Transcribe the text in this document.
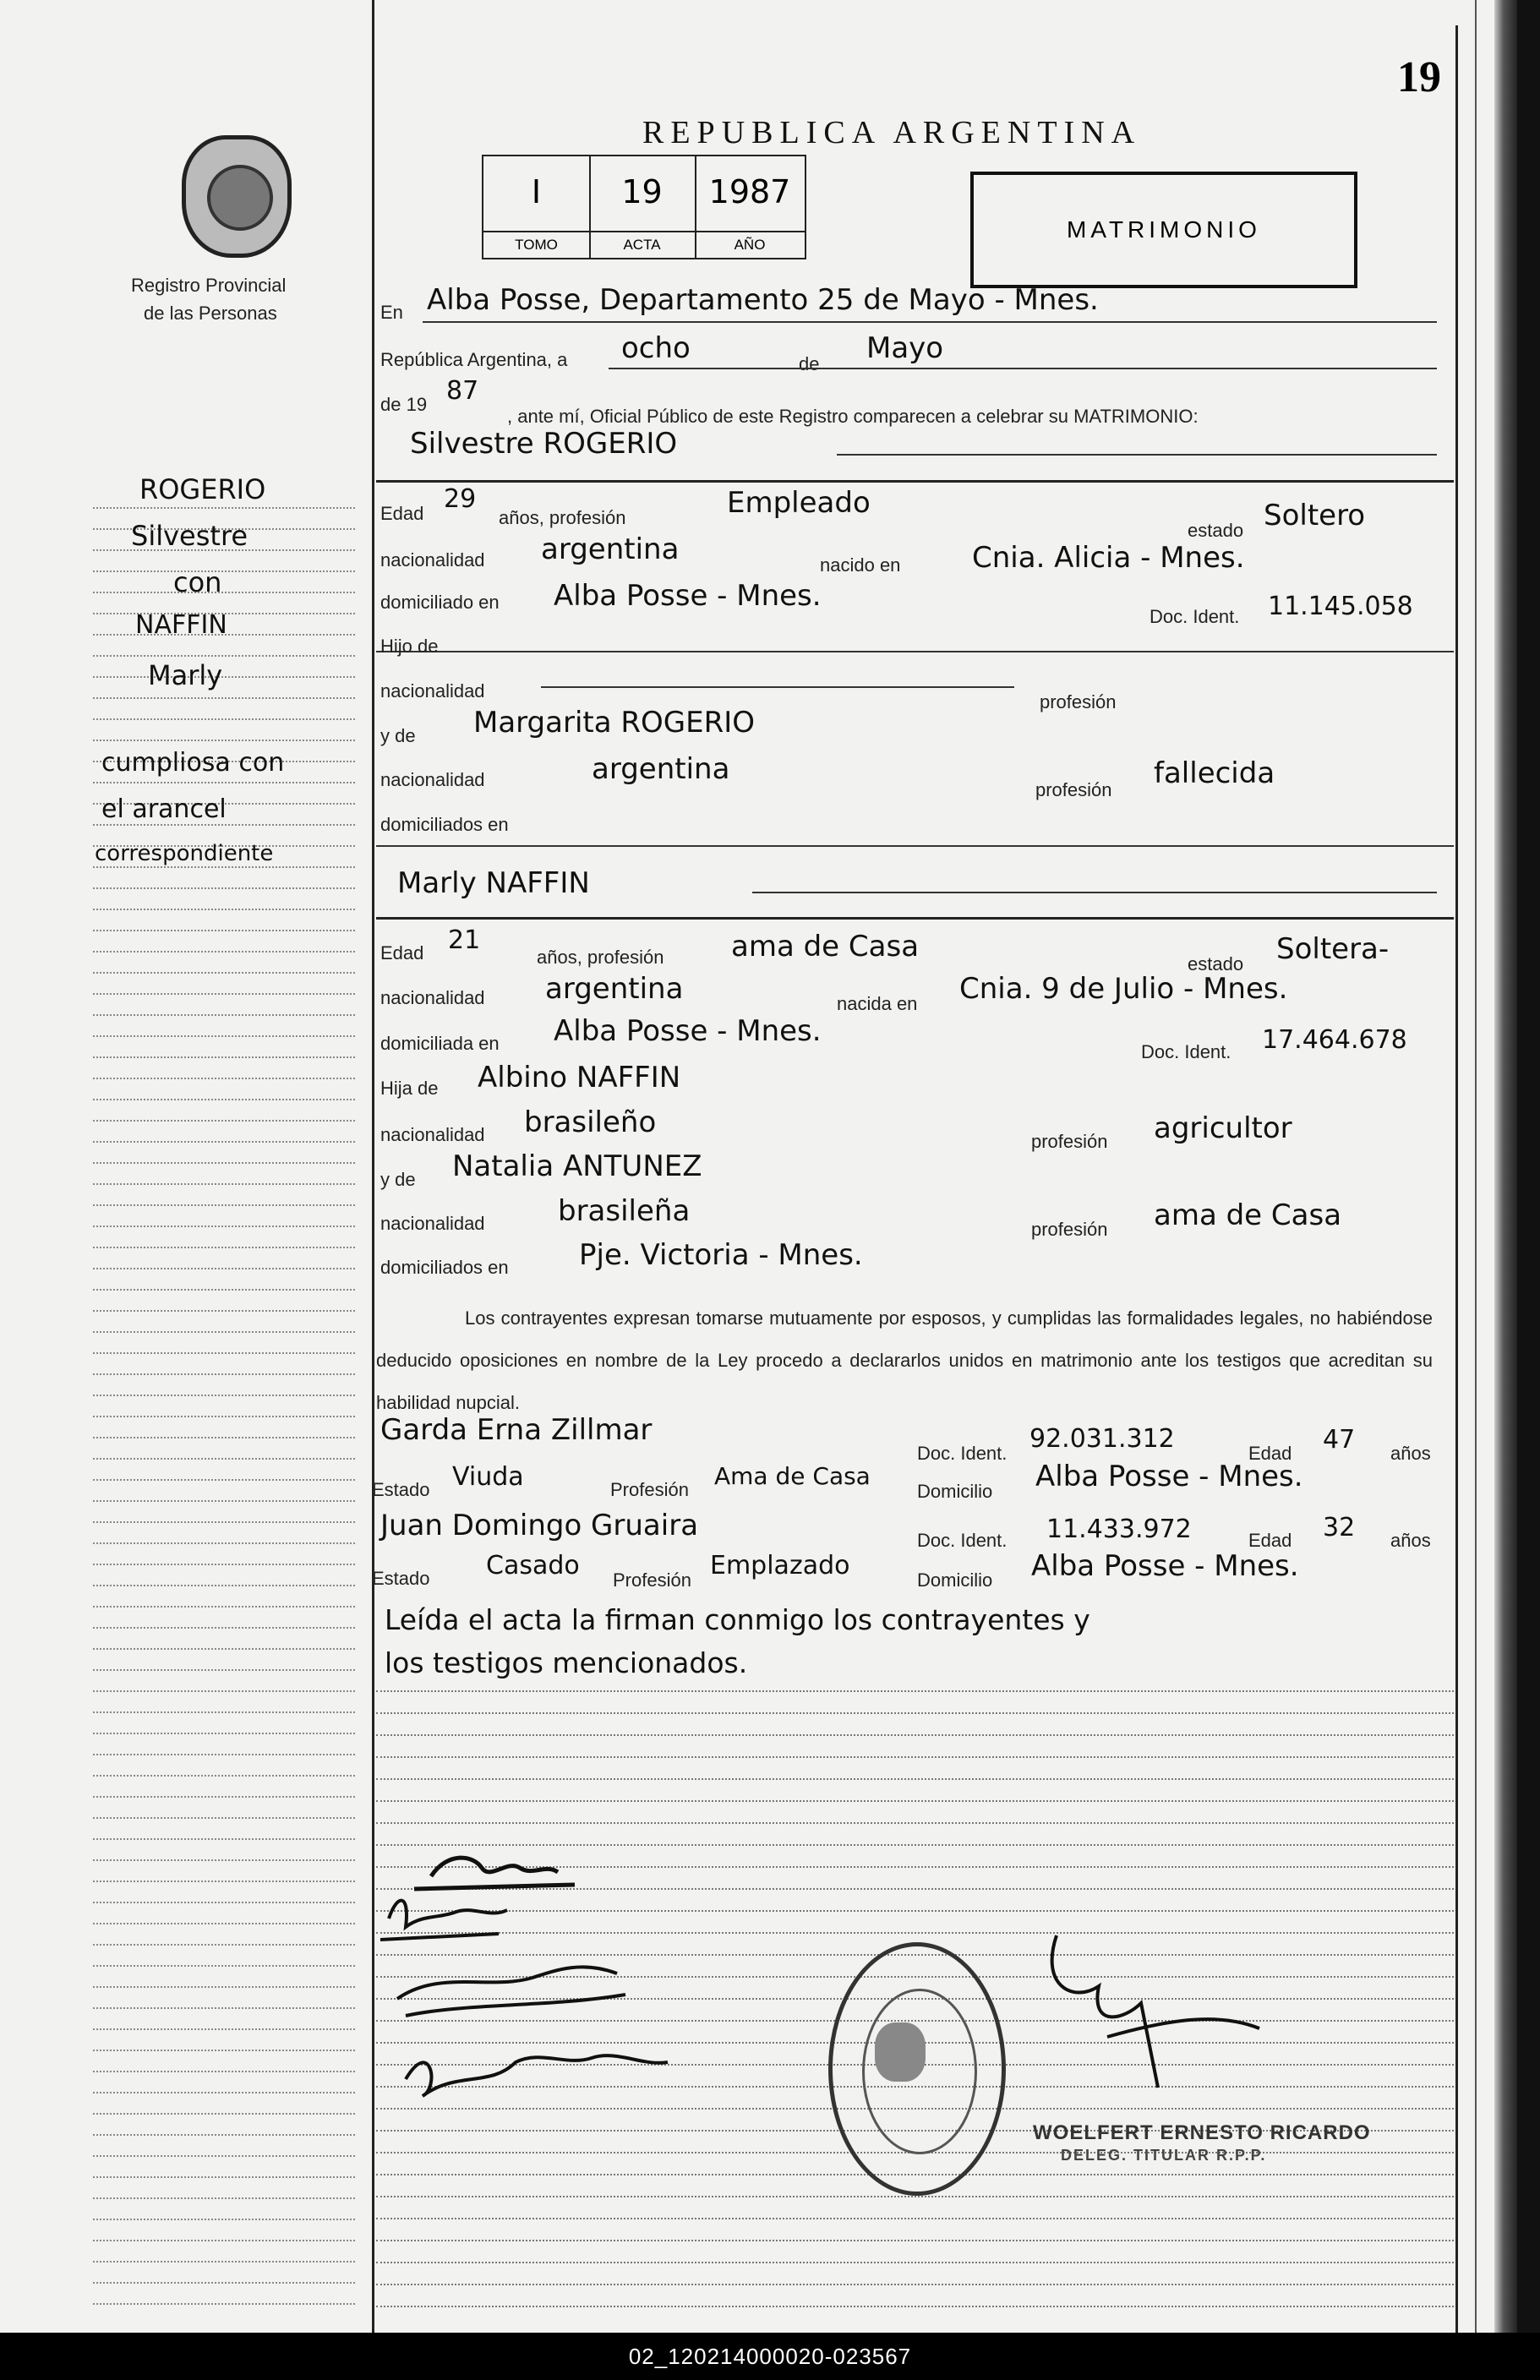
19
REPUBLICA ARGENTINA
Registro Provincial
de las Personas
I
TOMO
19
ACTA
1987
AÑO
MATRIMONIO
ROGERIO
Silvestre
con
NAFFIN
Marly
cumpliosa con
el arancel
correspondiente
En Alba Posse, Departamento 25 de Mayo - Mnes.
República Argentina, a ocho	de Mayo
de 19 87
, ante mí, Oficial Público de este Registro comparecen a celebrar su MATRIMONIO:
Silvestre ROGERIO
Edad 29
años, profesión	Empleado
estado Soltero
nacionalidad argentina	nacido en Cnia. Alicia - Mnes.
domiciliado en Alba Posse - Mnes.
Doc. Ident. 11.145.058
Hijo de
nacionalidad
profesión
y de Margarita ROGERIO
nacionalidad	argentina
profesión fallecida
domiciliados en
Marly NAFFIN
Edad 21
años, profesión ama de Casa
estado Soltera-
nacionalidad argentina	nacida en Cnia. 9 de Julio - Mnes.
domiciliada en Alba Posse - Mnes.
Doc. Ident. 17.464.678
Hija de Albino NAFFIN
nacionalidad brasileño
profesión agricultor
y de Natalia ANTUNEZ
nacionalidad	brasileña
profesión ama de Casa
domiciliados en Pje. Victoria - Mnes.
Los contrayentes expresan tomarse mutuamente por esposos, y cumplidas las formalidades legales, no habiéndose deducido oposiciones en nombre de la Ley procedo a declararlos unidos en matrimonio ante los testigos que acreditan su habilidad nupcial.
Garda Erna Zillmar
Doc. Ident. 92.031.312	Edad 47 años
Estado Viuda	Profesión Ama de Casa
Domicilio Alba Posse - Mnes.
Juan Domingo Gruaira	Doc. Ident. 11.433.972	Edad 32 años
Estado Casado Profesión Emplazado	Domicilio Alba Posse - Mnes.
Leída el acta la firman conmigo los contrayentes y
los testigos mencionados.
WOELFERT ERNESTO RICARDO
DELEG. TITULAR R.P.P.
02_120214000020-023567
